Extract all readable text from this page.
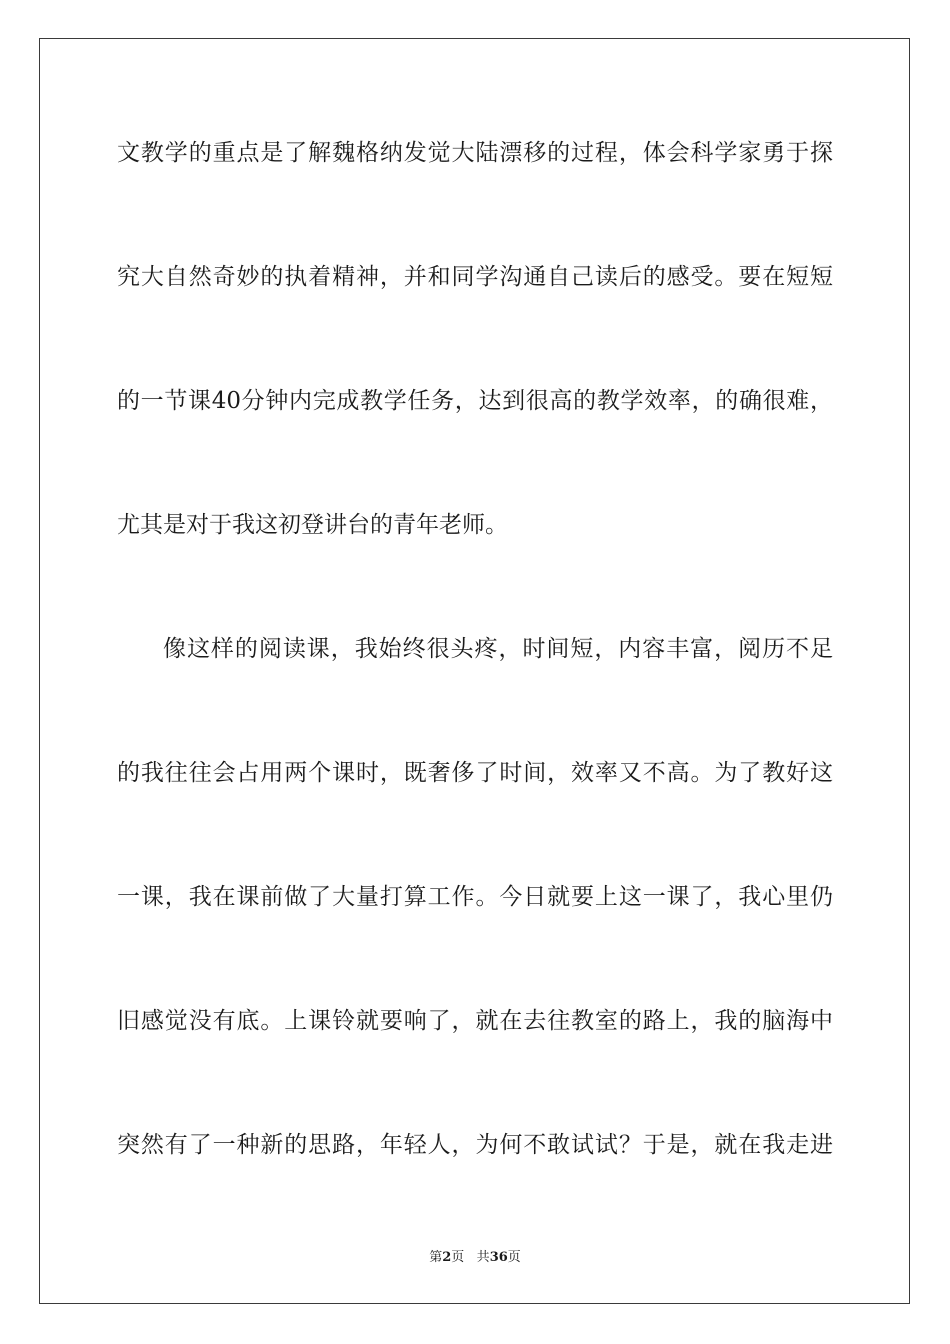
文教学的重点是了解魏格纳发觉大陆漂移的过程，体会科学家勇于探
究大自然奇妙的执着精神，并和同学沟通自己读后的感受。要在短短
的一节课40分钟内完成教学任务，达到很高的教学效率，的确很难，
尤其是对于我这初登讲台的青年老师。
像这样的阅读课，我始终很头疼，时间短，内容丰富，阅历不足
的我往往会占用两个课时，既奢侈了时间，效率又不高。为了教好这
一课，我在课前做了大量打算工作。今日就要上这一课了，我心里仍
旧感觉没有底。上课铃就要响了，就在去往教室的路上，我的脑海中
突然有了一种新的思路，年轻人，为何不敢试试？于是，就在我走进
第2页 共36页
